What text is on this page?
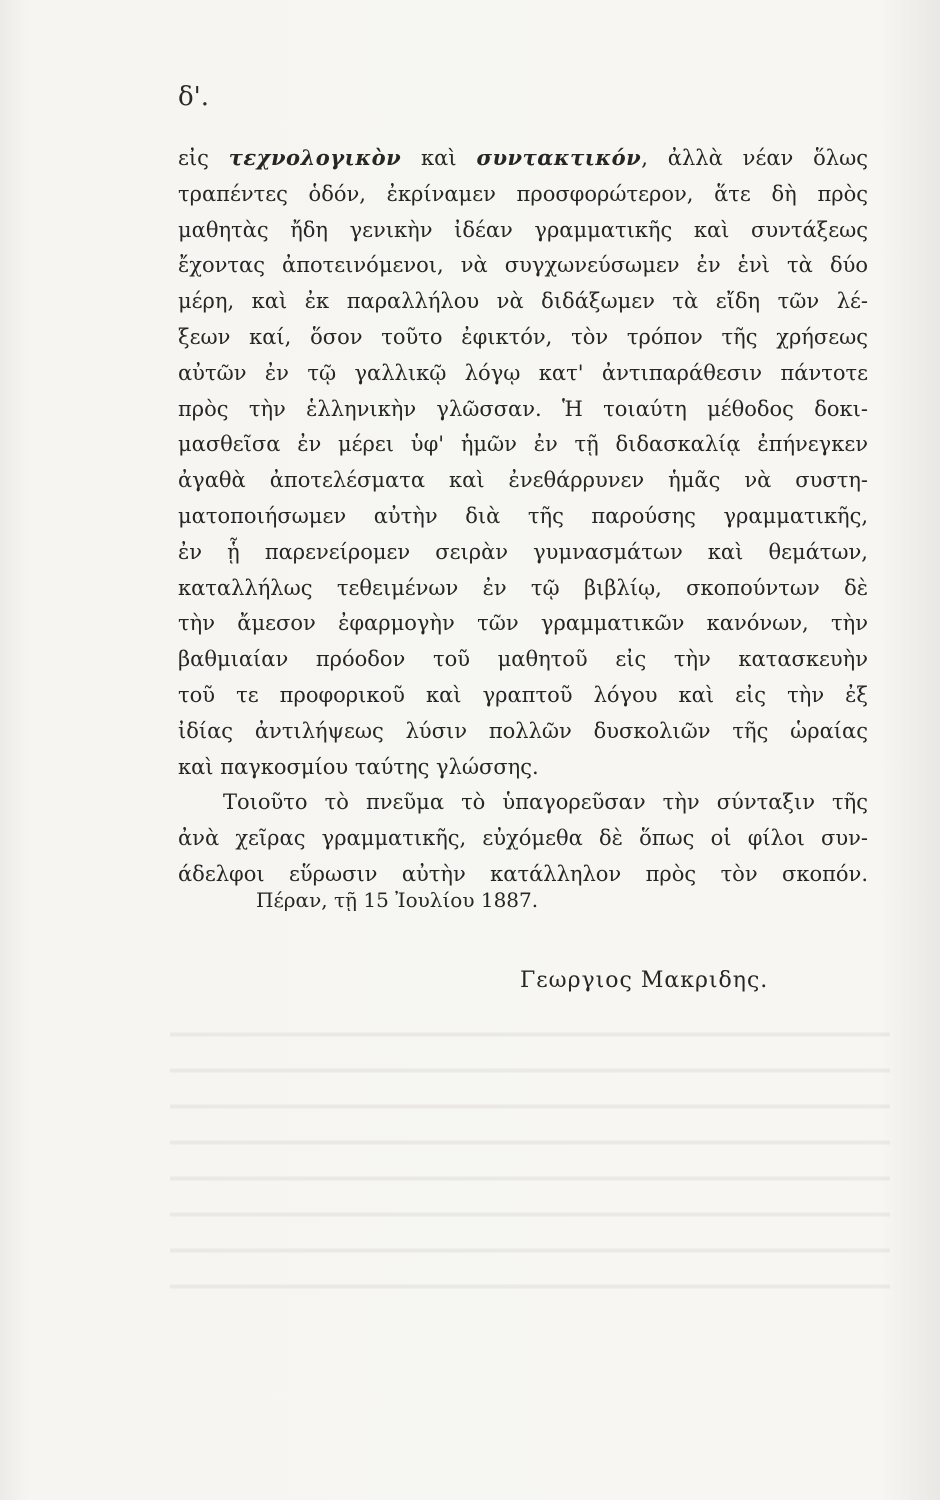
δ'.
εἰς τεχνολογικὸν καὶ συντακτικόν, ἀλλὰ νέαν ὅλως
τραπέντες ὁδόν, ἐκρίναμεν προσφορώτερον, ἅτε δὴ πρὸς
μαθητὰς ἤδη γενικὴν ἰδέαν γραμματικῆς καὶ συντάξεως
ἔχοντας ἀποτεινόμενοι, νὰ συγχωνεύσωμεν ἐν ἑνὶ τὰ δύο
μέρη, καὶ ἐκ παραλλήλου νὰ διδάξωμεν τὰ εἴδη τῶν λέ-
ξεων καί, ὅσον τοῦτο ἐφικτόν, τὸν τρόπον τῆς χρήσεως
αὐτῶν ἐν τῷ γαλλικῷ λόγῳ κατ' ἀντιπαράθεσιν πάντοτε
πρὸς τὴν ἑλληνικὴν γλῶσσαν. Ἡ τοιαύτη μέθοδος δοκι-
μασθεῖσα ἐν μέρει ὑφ' ἡμῶν ἐν τῇ διδασκαλίᾳ ἐπήνεγκεν
ἀγαθὰ ἀποτελέσματα καὶ ἐνεθάρρυνεν ἡμᾶς νὰ συστη-
ματοποιήσωμεν αὐτὴν διὰ τῆς παρούσης γραμματικῆς,
ἐν ᾗ παρενείρομεν σειρὰν γυμνασμάτων καὶ θεμάτων,
καταλλήλως τεθειμένων ἐν τῷ βιβλίῳ, σκοπούντων δὲ
τὴν ἄμεσον ἐφαρμογὴν τῶν γραμματικῶν κανόνων, τὴν
βαθμιαίαν πρόοδον τοῦ μαθητοῦ εἰς τὴν κατασκευὴν
τοῦ τε προφορικοῦ καὶ γραπτοῦ λόγου καὶ εἰς τὴν ἐξ
ἰδίας ἀντιλήψεως λύσιν πολλῶν δυσκολιῶν τῆς ὡραίας
καὶ παγκοσμίου ταύτης γλώσσης.
Τοιοῦτο τὸ πνεῦμα τὸ ὑπαγορεῦσαν τὴν σύνταξιν τῆς
ἀνὰ χεῖρας γραμματικῆς, εὐχόμεθα δὲ ὅπως οἱ φίλοι συν-
άδελφοι εὕρωσιν αὐτὴν κατάλληλον πρὸς τὸν σκοπόν.
Πέραν, τῇ 15 Ἰουλίου 1887.
Γεωργιος Μακριδης.
